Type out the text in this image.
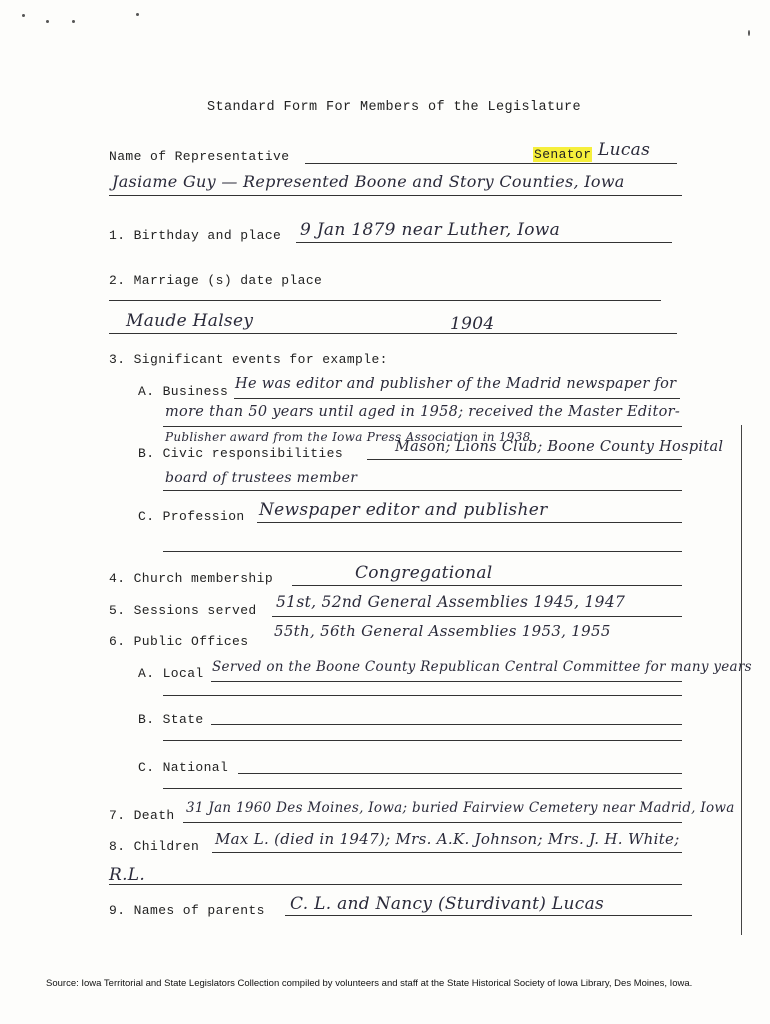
Standard Form For Members of the Legislature
Name of Representative	Senator Lucas
Jasiame Guy — Represented Boone and Story Counties, Iowa
1. Birthday and place 9 Jan 1879 near Luther, Iowa
2. Marriage (s) date place
Maude Halsey	1904
3. Significant events for example:
A. Business He was editor and publisher of the Madrid newspaper for
more than 50 years until aged in 1958; received the Master Editor-
Publisher award from the Iowa Press Association in 1938
B. Civic responsibilities	Mason; Lions Club; Boone County Hospital
board of trustees member
C. Profession Newspaper editor and publisher
4. Church membership	Congregational
5. Sessions served 51st, 52nd General Assemblies 1945, 1947
6. Public Offices
55th, 56th General Assemblies 1953, 1955
A. Local Served on the Boone County Republican Central Committee for many years
B. State
C. National
7. Death 31 Jan 1960 Des Moines, Iowa; buried Fairview Cemetery near Madrid, Iowa
8. Children Max L. (died in 1947); Mrs. A.K. Johnson; Mrs. J. H. White;
R.L.
9. Names of parents C. L. and Nancy (Sturdivant) Lucas
Source: Iowa Territorial and State Legislators Collection compiled by volunteers and staff at the State Historical Society of Iowa Library, Des Moines, Iowa.
